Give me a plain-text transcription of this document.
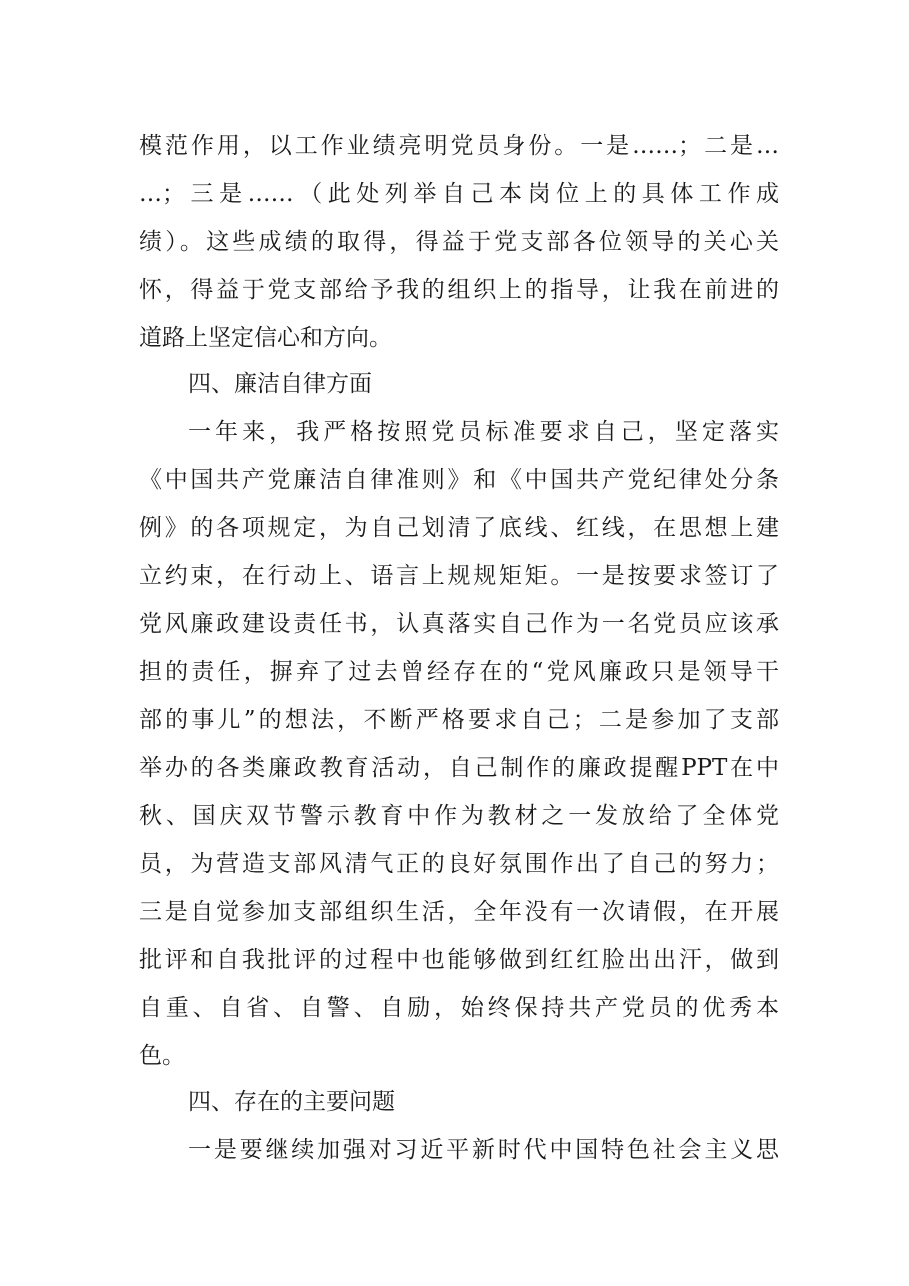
模范作用，以工作业绩亮明党员身份。一是……；二是…
…；三是……（此处列举自己本岗位上的具体工作成
绩）。这些成绩的取得，得益于党支部各位领导的关心关
怀，得益于党支部给予我的组织上的指导，让我在前进的
道路上坚定信心和方向。
四、廉洁自律方面
一年来，我严格按照党员标准要求自己，坚定落实
《中国共产党廉洁自律准则》和《中国共产党纪律处分条
例》的各项规定，为自己划清了底线、红线，在思想上建
立约束，在行动上、语言上规规矩矩。一是按要求签订了
党风廉政建设责任书，认真落实自己作为一名党员应该承
担的责任，摒弃了过去曾经存在的“党风廉政只是领导干
部的事儿”的想法，不断严格要求自己；二是参加了支部
举办的各类廉政教育活动，自己制作的廉政提醒PPT在中
秋、国庆双节警示教育中作为教材之一发放给了全体党
员，为营造支部风清气正的良好氛围作出了自己的努力；
三是自觉参加支部组织生活，全年没有一次请假，在开展
批评和自我批评的过程中也能够做到红红脸出出汗，做到
自重、自省、自警、自励，始终保持共产党员的优秀本
色。
四、存在的主要问题
一是要继续加强对习近平新时代中国特色社会主义思
